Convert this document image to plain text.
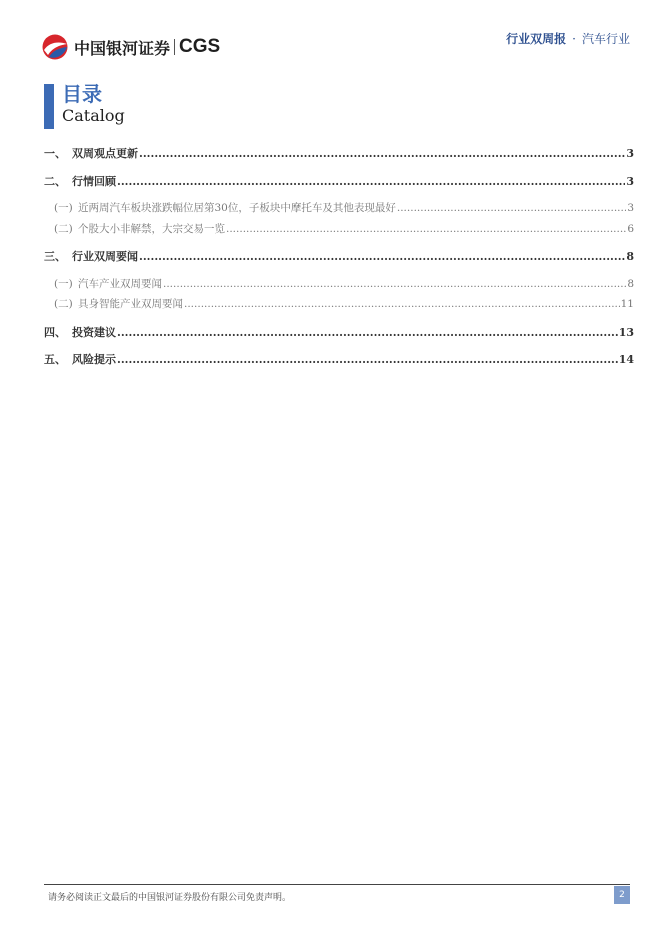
中国银河证券 CGS	行业双周报 · 汽车行业
目录
Catalog
一、 双周观点更新 .....	3
二、 行情回顾 .....	3
(一) 近两周汽车板块涨跌幅位居第30位，子板块中摩托车及其他表现最好 .....	3
(二) 个股大小非解禁，大宗交易一览 .....	6
三、 行业双周要闻 .....	8
(一) 汽车产业双周要闻 .....	8
(二) 具身智能产业双周要闻 .....	11
四、 投资建议 .....	13
五、 风险提示 .....	14
请务必阅读正文最后的中国银河证券股份有限公司免责声明。	2
